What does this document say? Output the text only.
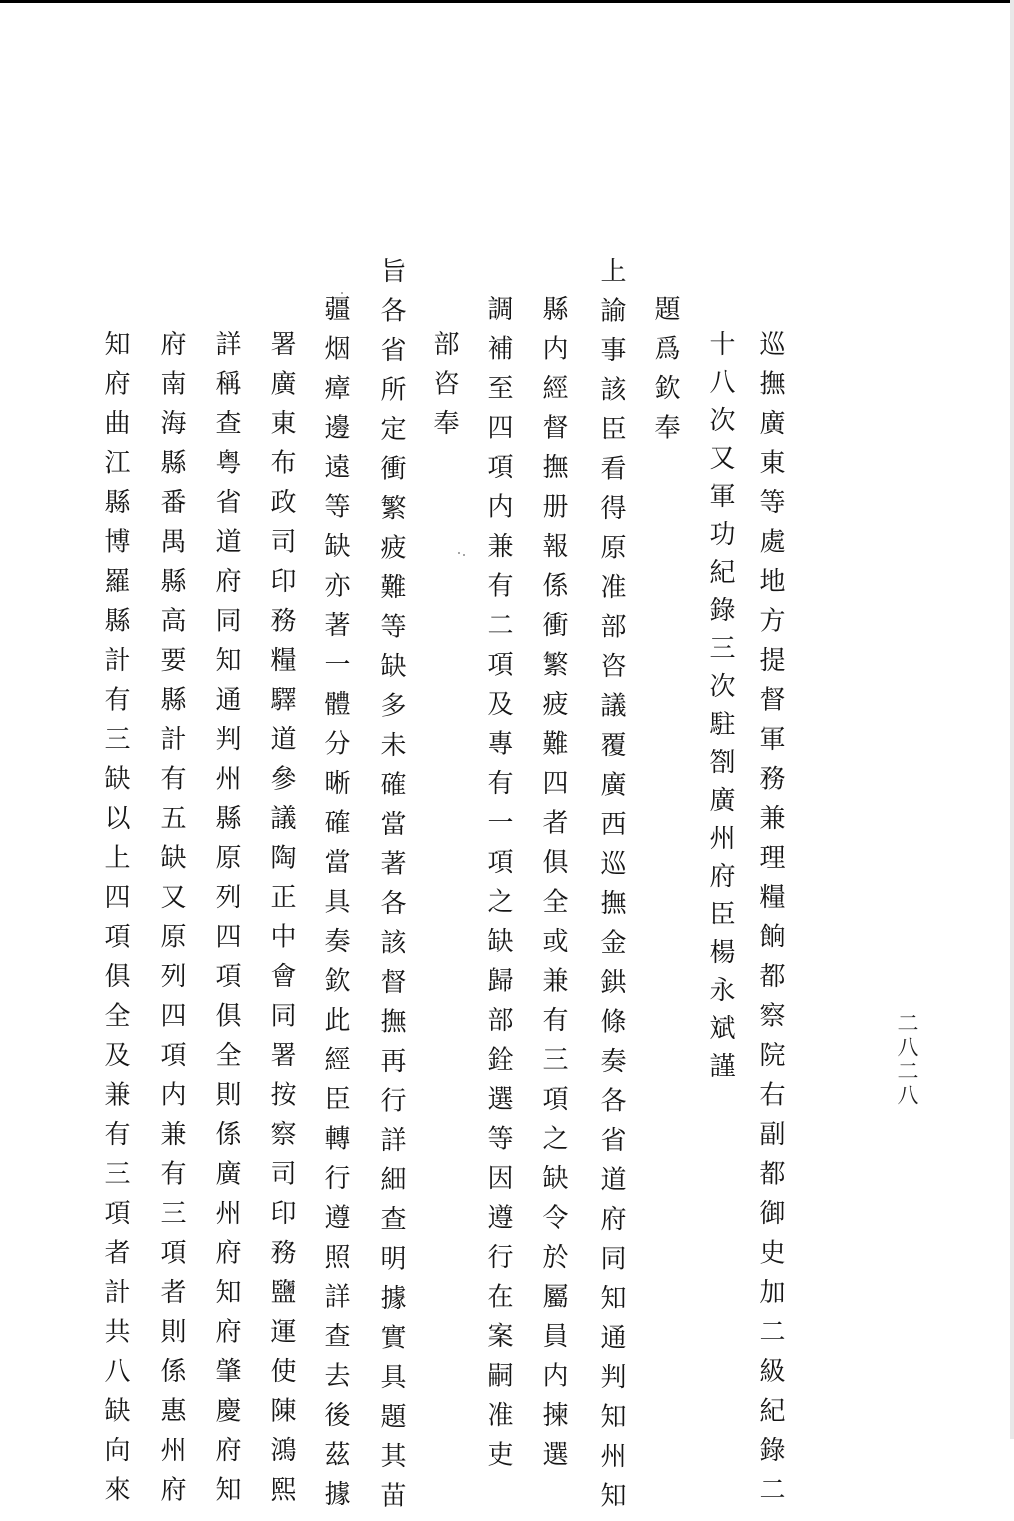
巡撫廣東等處地方提督軍務兼理糧餉都察院右副都御史加二級紀錄二
十八次又軍功紀錄三次駐劄廣州府臣楊永斌謹
題爲欽奉
上諭事該臣看得原准部咨議覆廣西巡撫金鉷條奏各省道府同知通判知州知
縣内經督撫册報係衝繁疲難四者俱全或兼有三項之缺令於屬員内揀選
調補至四項内兼有二項及專有一項之缺歸部銓選等因遵行在案嗣准吏
部咨奉
旨各省所定衝繁疲難等缺多未確當著各該督撫再行詳細查明據實具題其苗
疆烟瘴邊遠等缺亦著一體分晰確當具奏欽此經臣轉行遵照詳查去後茲據
署廣東布政司印務糧驛道參議陶正中會同署按察司印務鹽運使陳鴻熙
詳稱查粤省道府同知通判州縣原列四項俱全則係廣州府知府肇慶府知
府南海縣番禺縣高要縣計有五缺又原列四項内兼有三項者則係惠州府
知府曲江縣博羅縣計有三缺以上四項俱全及兼有三項者計共八缺向來	二八二八
